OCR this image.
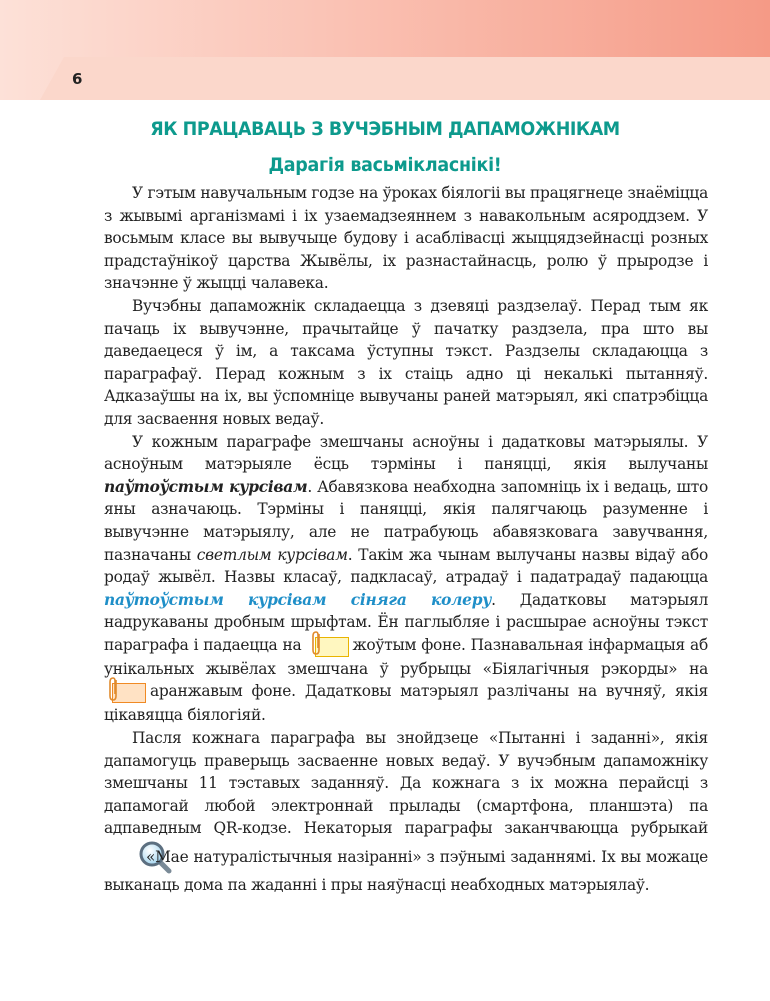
6
ЯК ПРАЦАВАЦЬ З ВУЧЭБНЫМ ДАПАМОЖНІКАМ
Дарагія васьмікласнікі!

У гэтым навучальным годзе на ўроках біялогіі вы працягнеце знаёміцца з жывымі арганізмамі і іх узаемадзеяннем з навакольным асяроддзем. У восьмым класе вы вывучыце будову і асаблівасці жыццядзейнасці розных прадстаўнікоў царства Жывёлы, іх разнастайнасць, ролю ў прыродзе і значэнне ў жыцці чалавека.

Вучэбны дапаможнік складаецца з дзевяці раздзелаў. Перад тым як пачаць іх вывучэнне, прачытайце ў пачатку раздзела, пра што вы даведаецеся ў ім, а таксама ўступны тэкст. Раздзелы складаюцца з параграфаў. Перад кожным з іх стаіць адно ці некалькі пытанняў. Адказаўшы на іх, вы ўспомніце вывучаны раней матэрыял, які спатрэбіцца для засваення новых ведаў.

У кожным параграфе змешчаны асноўны і дадатковы матэрыялы. У асноўным матэрыяле ёсць тэрміны і паняцці, якія вылучаны паўтоўстым курсівам. Абавязкова неабходна запомніць іх і ведаць, што яны азначаюць. Тэрміны і паняцці, якія палягчаюць разуменне і вывучэнне матэрыялу, але не патрабуюць абавязковага завучвання, пазначаны светлым курсівам. Такім жа чынам вылучаны назвы відаў або родаў жывёл. Назвы класаў, падкласаў, атрадаў і падатрадаў падаюцца паўтоўстым курсівам сіняга колеру. Дадатковы матэрыял надрукаваны дробным шрыфтам. Ён паглыбляе і расшырае асноўны тэкст параграфа і падаецца на	жоўтым фоне. Пазнавальная інфармацыя аб унікальных жывёлах змешчана ў рубрыцы «Біялагічныя рэкорды» на
аранжавым фоне. Дадатковы матэрыял разлічаны на вучняў, якія цікавяцца біялогіяй.

Пасля кожнага параграфа вы знойдзеце «Пытанні і заданні», якія дапамогуць праверыць засваенне новых ведаў. У вучэбным дапаможніку змешчаны 11 тэставых заданняў. Да кожнага з іх можна перайсці з дапамогай любой электроннай прылады (смартфона, планшэта) па адпаведным QR-кодзе. Некаторыя параграфы заканчваюцца рубрыкай «Мае натуралістычныя назіранні» з пэўнымі заданнямі. Іх вы можаце выканаць дома па жаданні і пры наяўнасці неабходных матэрыялаў.
